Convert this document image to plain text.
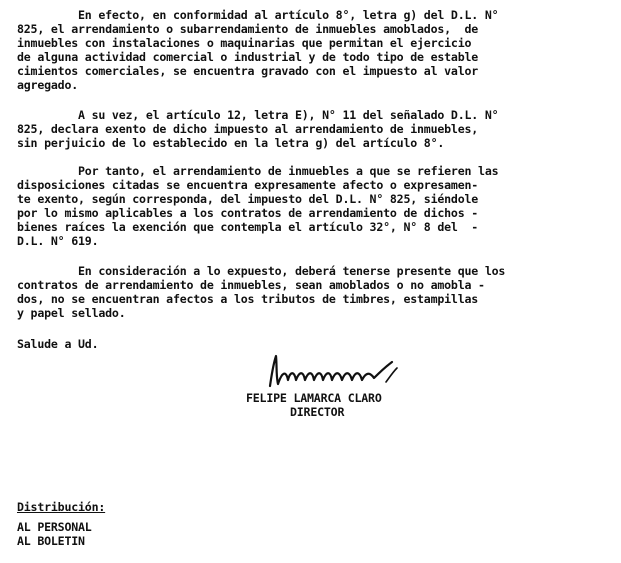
En efecto, en conformidad al artículo 8°, letra g) del D.L. N°
825, el arrendamiento o subarrendamiento de inmuebles amoblados,  de
inmuebles con instalaciones o maquinarias que permitan el ejercicio
de alguna actividad comercial o industrial y de todo tipo de estable
cimientos comerciales, se encuentra gravado con el impuesto al valor
agregado.
A su vez, el artículo 12, letra E), N° 11 del señalado D.L. N°
825, declara exento de dicho impuesto al arrendamiento de inmuebles,
sin perjuicio de lo establecido en la letra g) del artículo 8°.
Por tanto, el arrendamiento de inmuebles a que se refieren las
disposiciones citadas se encuentra expresamente afecto o expresamen-
te exento, según corresponda, del impuesto del D.L. N° 825, siéndole
por lo mismo aplicables a los contratos de arrendamiento de dichos -
bienes raíces la exención que contempla el artículo 32°, N° 8 del  -
D.L. N° 619.
En consideración a lo expuesto, deberá tenerse presente que los
contratos de arrendamiento de inmuebles, sean amoblados o no amobla -
dos, no se encuentran afectos a los tributos de timbres, estampillas
y papel sellado.
Salude a Ud.
FELIPE LAMARCA CLARO
DIRECTOR
Distribución:
AL PERSONAL
AL BOLETIN
